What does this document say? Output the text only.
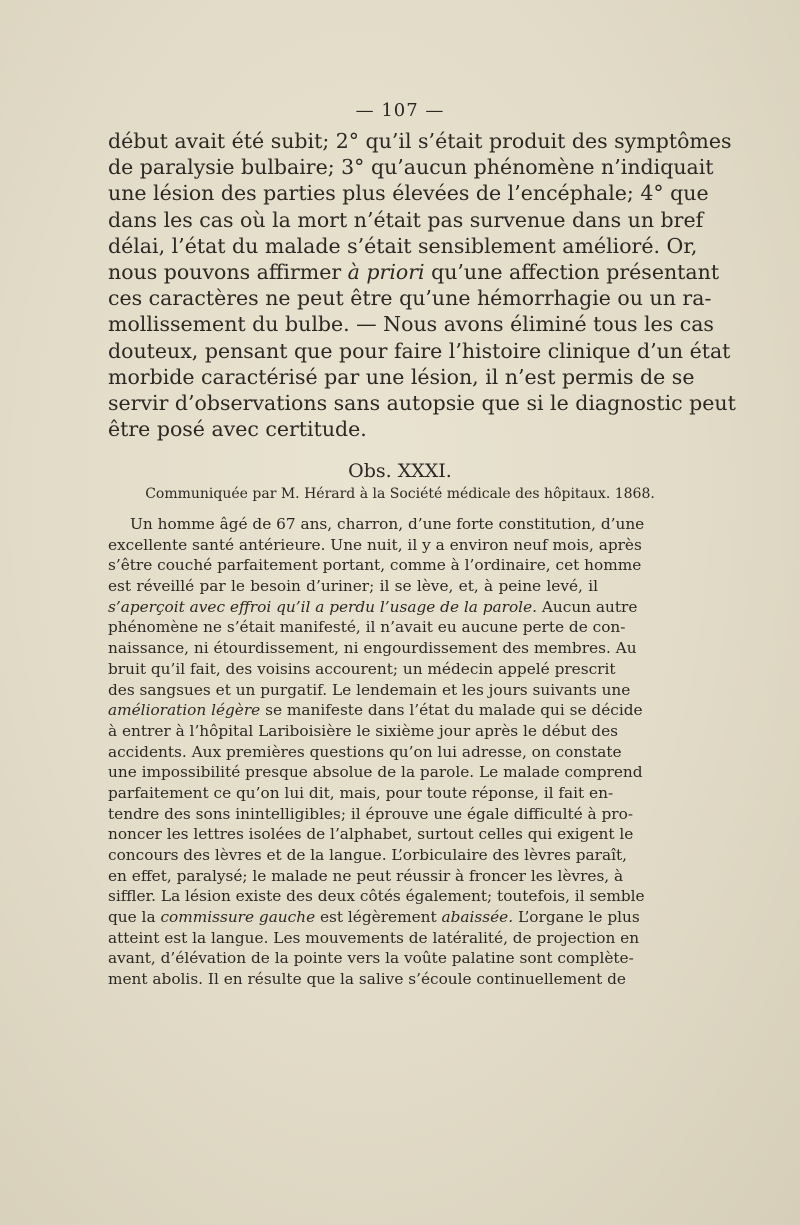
— 107 —

début avait été subit; 2° qu’il s’était produit des symptômes
de paralysie bulbaire; 3° qu’aucun phénomène n’indiquait
une lésion des parties plus élevées de l’encéphale; 4° que
dans les cas où la mort n’était pas survenue dans un bref
délai, l’état du malade s’était sensiblement amélioré. Or,
nous pouvons affirmer à priori qu’une affection présentant
ces caractères ne peut être qu’une hémorrhagie ou un ra-
mollissement du bulbe. — Nous avons éliminé tous les cas
douteux, pensant que pour faire l’histoire clinique d’un état
morbide caractérisé par une lésion, il n’est permis de se
servir d’observations sans autopsie que si le diagnostic peut
être posé avec certitude.

Obs. XXXI.

Communiquée par M. Hérard à la Société médicale des hôpitaux. 1868.

Un homme âgé de 67 ans, charron, d’une forte constitution, d’une
excellente santé antérieure. Une nuit, il y a environ neuf mois, après
s’être couché parfaitement portant, comme à l’ordinaire, cet homme
est réveillé par le besoin d’uriner; il se lève, et, à peine levé, il
s’aperçoit avec effroi qu’il a perdu l’usage de la parole. Aucun autre
phénomène ne s’était manifesté, il n’avait eu aucune perte de con-
naissance, ni étourdissement, ni engourdissement des membres. Au
bruit qu’il fait, des voisins accourent; un médecin appelé prescrit
des sangsues et un purgatif. Le lendemain et les jours suivants une
amélioration légère se manifeste dans l’état du malade qui se décide
à entrer à l’hôpital Lariboisière le sixième jour après le début des
accidents. Aux premières questions qu’on lui adresse, on constate
une impossibilité presque absolue de la parole. Le malade comprend
parfaitement ce qu’on lui dit, mais, pour toute réponse, il fait en-
tendre des sons inintelligibles; il éprouve une égale difficulté à pro-
noncer les lettres isolées de l’alphabet, surtout celles qui exigent le
concours des lèvres et de la langue. L’orbiculaire des lèvres paraît,
en effet, paralysé; le malade ne peut réussir à froncer les lèvres, à
siffler. La lésion existe des deux côtés également; toutefois, il semble
que la commissure gauche est légèrement abaissée. L’organe le plus
atteint est la langue. Les mouvements de latéralité, de projection en
avant, d’élévation de la pointe vers la voûte palatine sont complète-
ment abolis. Il en résulte que la salive s’écoule continuellement de
